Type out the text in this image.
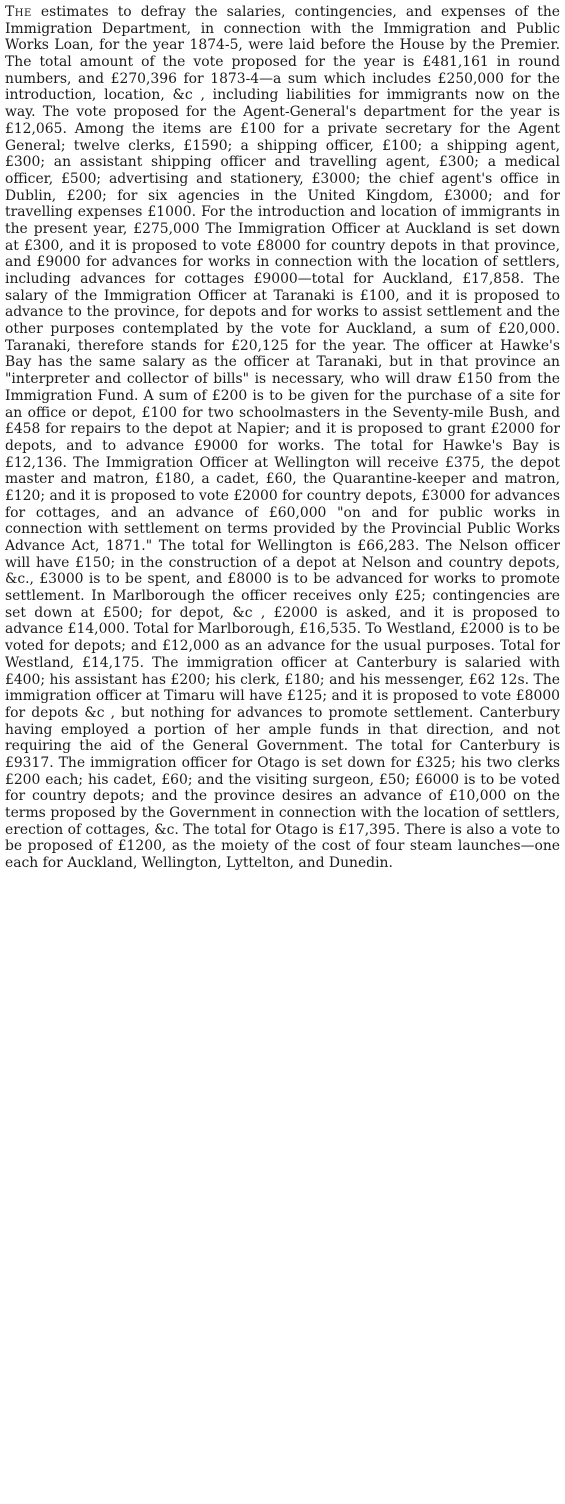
The estimates to defray the salaries, contingencies, and expenses of the Immigration Department, in connection with the Immigration and Public Works Loan, for the year 1874-5, were laid before the House by the Premier. The total amount of the vote proposed for the year is £481,161 in round numbers, and £270,396 for 1873-4—a sum which includes £250,000 for the introduction, location, &c , including liabilities for immigrants now on the way. The vote proposed for the Agent-General's department for the year is £12,065. Among the items are £100 for a private secretary for the Agent General; twelve clerks, £1590; a shipping officer, £100; a shipping agent, £300; an assistant shipping officer and travelling agent, £300; a medical officer, £500; advertising and stationery, £3000; the chief agent's office in Dublin, £200; for six agencies in the United Kingdom, £3000; and for travelling expenses £1000. For the introduction and location of immigrants in the present year, £275,000 The Immigration Officer at Auckland is set down at £300, and it is proposed to vote £8000 for country depots in that province, and £9000 for advances for works in connection with the location of settlers, including advances for cottages £9000—total for Auckland, £17,858. The salary of the Immigration Officer at Taranaki is £100, and it is proposed to advance to the province, for depots and for works to assist settlement and the other purposes contemplated by the vote for Auckland, a sum of £20,000. Taranaki, therefore stands for £20,125 for the year. The officer at Hawke's Bay has the same salary as the officer at Taranaki, but in that province an "interpreter and collector of bills" is necessary, who will draw £150 from the Immigration Fund. A sum of £200 is to be given for the purchase of a site for an office or depot, £100 for two schoolmasters in the Seventy-mile Bush, and £458 for repairs to the depot at Napier; and it is proposed to grant £2000 for depots, and to advance £9000 for works. The total for Hawke's Bay is £12,136. The Immigration Officer at Wellington will receive £375, the depot master and matron, £180, a cadet, £60, the Quarantine-keeper and matron, £120; and it is proposed to vote £2000 for country depots, £3000 for advances for cottages, and an advance of £60,000 "on and for public works in connection with settlement on terms provided by the Provincial Public Works Advance Act, 1871." The total for Wellington is £66,283. The Nelson officer will have £150; in the construction of a depot at Nelson and country depots, &c., £3000 is to be spent, and £8000 is to be advanced for works to promote settlement. In Marlborough the officer receives only £25; contingencies are set down at £500; for depot, &c , £2000 is asked, and it is proposed to advance £14,000. Total for Marlborough, £16,535. To Westland, £2000 is to be voted for depots; and £12,000 as an advance for the usual purposes. Total for Westland, £14,175. The immigration officer at Canterbury is salaried with £400; his assistant has £200; his clerk, £180; and his messenger, £62 12s. The immigration officer at Timaru will have £125; and it is proposed to vote £8000 for depots &c , but nothing for advances to promote settlement. Canterbury having employed a portion of her ample funds in that direction, and not requiring the aid of the General Government. The total for Canterbury is £9317. The immigration officer for Otago is set down for £325; his two clerks £200 each; his cadet, £60; and the visiting surgeon, £50; £6000 is to be voted for country depots; and the province desires an advance of £10,000 on the terms proposed by the Government in connection with the location of settlers, erection of cottages, &c. The total for Otago is £17,395. There is also a vote to be proposed of £1200, as the moiety of the cost of four steam launches—one each for Auckland, Wellington, Lyttelton, and Dunedin.
